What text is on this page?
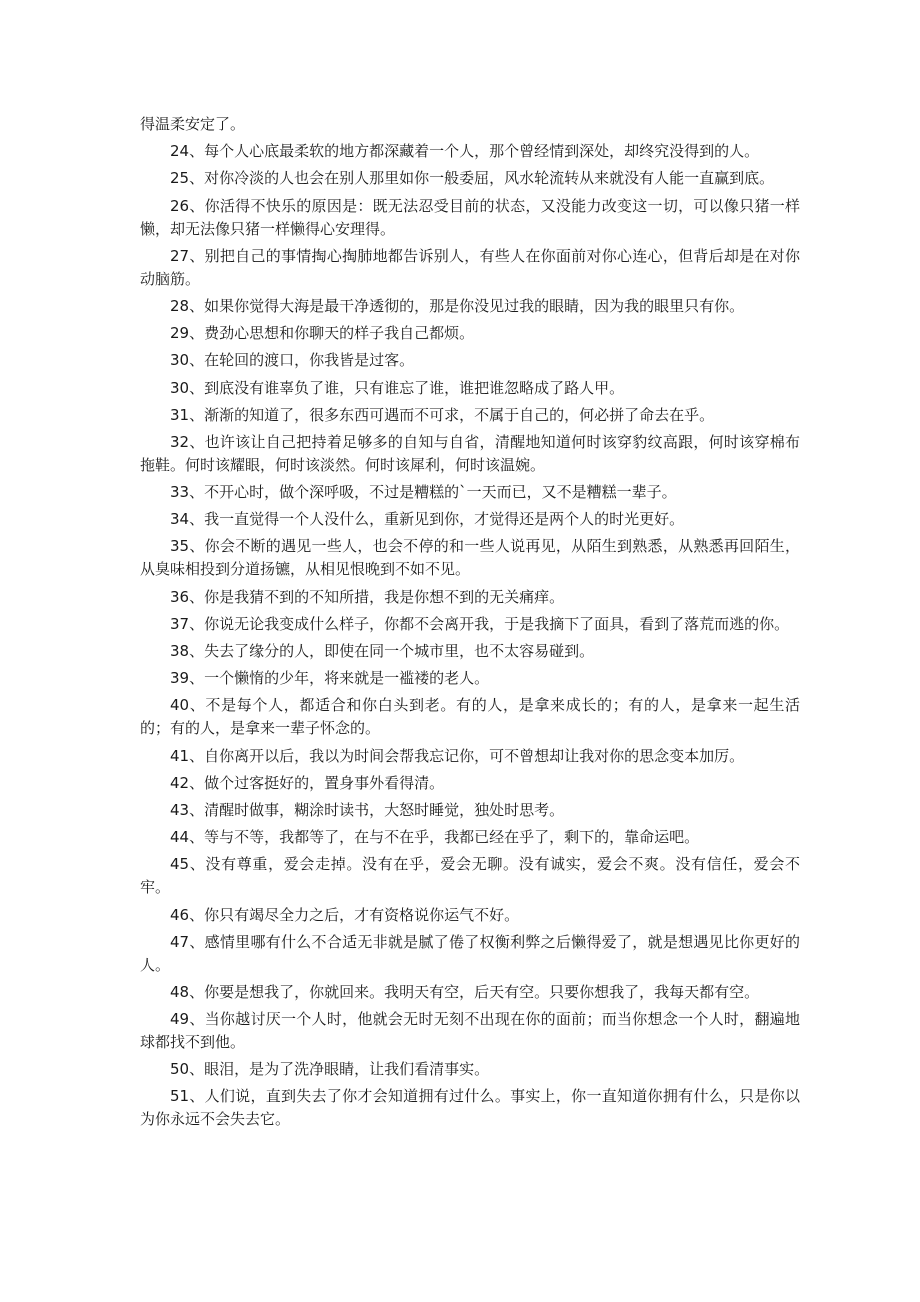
得温柔安定了。

24、每个人心底最柔软的地方都深藏着一个人，那个曾经情到深处，却终究没得到的人。

25、对你冷淡的人也会在别人那里如你一般委屈，风水轮流转从来就没有人能一直赢到底。

26、你活得不快乐的原因是：既无法忍受目前的状态，又没能力改变这一切，可以像只猪一样懒，却无法像只猪一样懒得心安理得。

27、别把自己的事情掏心掏肺地都告诉别人，有些人在你面前对你心连心，但背后却是在对你动脑筋。

28、如果你觉得大海是最干净透彻的，那是你没见过我的眼睛，因为我的眼里只有你。

29、费劲心思想和你聊天的样子我自己都烦。

30、在轮回的渡口，你我皆是过客。

30、到底没有谁辜负了谁，只有谁忘了谁，谁把谁忽略成了路人甲。

31、渐渐的知道了，很多东西可遇而不可求，不属于自己的，何必拼了命去在乎。

32、也许该让自己把持着足够多的自知与自省，清醒地知道何时该穿豹纹高跟，何时该穿棉布拖鞋。何时该耀眼，何时该淡然。何时该犀利，何时该温婉。

33、不开心时，做个深呼吸，不过是糟糕的`一天而已，又不是糟糕一辈子。

34、我一直觉得一个人没什么，重新见到你，才觉得还是两个人的时光更好。

35、你会不断的遇见一些人，也会不停的和一些人说再见，从陌生到熟悉，从熟悉再回陌生，从臭味相投到分道扬镳，从相见恨晚到不如不见。

36、你是我猜不到的不知所措，我是你想不到的无关痛痒。

37、你说无论我变成什么样子，你都不会离开我，于是我摘下了面具，看到了落荒而逃的你。

38、失去了缘分的人，即使在同一个城市里，也不太容易碰到。

39、一个懒惰的少年，将来就是一褴褛的老人。

40、不是每个人，都适合和你白头到老。有的人，是拿来成长的；有的人，是拿来一起生活的；有的人，是拿来一辈子怀念的。

41、自你离开以后，我以为时间会帮我忘记你，可不曾想却让我对你的思念变本加厉。

42、做个过客挺好的，置身事外看得清。

43、清醒时做事，糊涂时读书，大怒时睡觉，独处时思考。

44、等与不等，我都等了，在与不在乎，我都已经在乎了，剩下的，靠命运吧。

45、没有尊重，爱会走掉。没有在乎，爱会无聊。没有诚实，爱会不爽。没有信任，爱会不牢。

46、你只有竭尽全力之后，才有资格说你运气不好。

47、感情里哪有什么不合适无非就是腻了倦了权衡利弊之后懒得爱了，就是想遇见比你更好的人。

48、你要是想我了，你就回来。我明天有空，后天有空。只要你想我了，我每天都有空。

49、当你越讨厌一个人时，他就会无时无刻不出现在你的面前；而当你想念一个人时，翻遍地球都找不到他。

50、眼泪，是为了洗净眼睛，让我们看清事实。

51、人们说，直到失去了你才会知道拥有过什么。事实上，你一直知道你拥有什么，只是你以为你永远不会失去它。
